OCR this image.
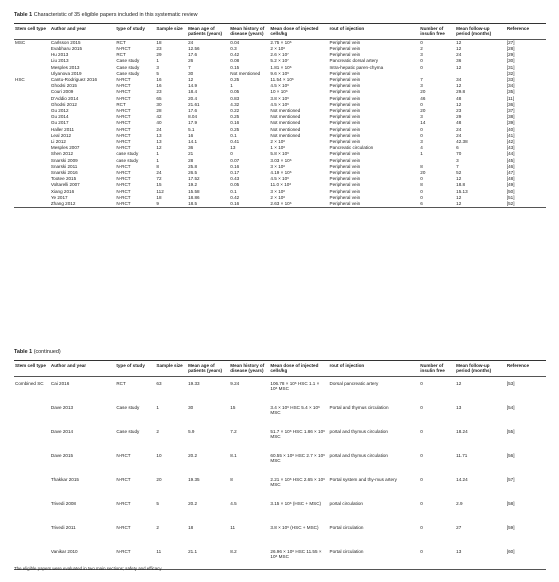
Table 1 Characteristic of 35 eligible papers included in this systematic review
Stem cell type	Author and year	type of study	Sample size	Mean age of patients (years)	Mean history of disease (years)	Mean dose of injected cells/kg	rout of injection	Number of insulin free	Mean follow-up period (months)	Reference
MSC	Carlsson 2015	RCT	18	24	0.04	2.75 × 10⁶	Peripheral vein	0	12	[27]
	Evabharu 2015	N-RCT	23	12.56	0.3	2 × 10⁶	Peripheral vein	2	12	[28]
	Hu 2013	RCT	29	17.6	0.42	2.6 × 10⁷	Peripheral vein	3	24	[29]
	Liu 2013	Case study	1	26	0.08	5.2 × 10⁷	Pancreatic dorsal artery	0	36	[30]
	Mesples 2013	Case study	3	7	0.15	1.81 × 10⁶	Intra-hepatic paren-chyma	0	12	[31]
	Ulyanova 2019	Case study	5	30	Not mentioned	9.6 × 10⁶	Peripheral vein			[32]
HSC	Cantu-Rodriguez 2016	N-RCT	16	12	0.25	11.54 × 10⁶	Peripheral vein	7	34	[33]
	Ghodsi 2015	N-RCT	16	14.9	1	4.5 × 10⁶	Peripheral vein	3	12	[34]
	Couri 2009	N-RCT	23	18.4	0.05	10 × 10⁶	Peripheral vein	20	29.8	[35]
	D'Addio 2014	N-RCT	65	20.4	0.83	3.8 × 10⁶	Peripheral vein	46	48	[11]
	Ghodsi 2012	RCT	30	21.61	4.32	4.5 × 10⁶	Peripheral vein	0	12	[36]
	Gu 2012	N-RCT	28	17.6	0.22	Not mentioned	Peripheral vein	20	23	[37]
	Gu 2014	N-RCT	42	8.04	0.25	Not mentioned	Peripheral vein	3	29	[38]
	Gu 2017	N-RCT	40	17.9	0.16	Not mentioned	Peripheral vein	14	48	[39]
	Haller 2011	N-RCT	24	5.1	0.25	Not mentioned	Peripheral vein	0	24	[40]
	Leal 2012	N-RCT	13	16	0.1	Not mentioned	Peripheral vein	0	24	[41]
	Li 2012	N-RCT	13	14.1	0.41	2 × 10⁶	Peripheral vein	3	42.38	[42]
	Mesples 2007	N-RCT	12	36	13	1 × 10⁶	Pancreatic circulation	4	6	[43]
	Shen 2012	case study	1	21	0	5.8 × 10⁶	Peripheral vein	1	70	[44]
	Snarski 2009	case study	1	28	0.07	3.03 × 10⁶	Peripheral vein		3	[45]
	Snarski 2011	N-RCT	8	25.8	0.16	3 × 10⁶	Peripheral vein	8	7	[46]
	Snarski 2016	N-RCT	24	26.5	0.17	4.19 × 10⁶	Peripheral vein	20	52	[47]
	Tootee 2015	N-RCT	72	17.52	0.43	4.5 × 10⁶	Peripheral vein	0	12	[48]
	Voltarelli 2007	N-RCT	15	19.2	0.05	11.0 × 10⁶	Peripheral vein	8	18.8	[49]
	Xiang 2016	N-RCT	112	15.58	0.1	3 × 10⁶	Peripheral vein	0	15.13	[50]
	Ye 2017	N-RCT	18	18.86	0.42	2 × 10⁶	Peripheral vein	0	12	[51]
	Zhang 2012	N-RCT	9	18.5	0.16	2.63 × 10⁶	Peripheral vein	6	12	[52]
Table 1 (continued)
Stem cell type	Author and year	type of study	Sample size	Mean age of patients (years)	Mean history of disease (years)	Mean dose of injected cells/kg	rout of injection	Number of insulin free	Mean follow-up period (months)	Reference
Combined SC	Cai 2016	RCT	63	19.33	9.24	106.78 × 10⁶ HSC 1.1 × 10⁶ MSC	Dorsal pancreatic artery	0	12	[53]
	Dave 2013	Case study	1	30	15	3.4 × 10⁶ HSC 5.4 × 10⁶ MSC	Portal and thymus circulation	0	13	[54]
	Dave 2014	Case study	2	5.9	7.2	51.7 × 10⁶ HSC 1.86 × 10⁶ MSC	portal and thymus circulation	0	18.24	[55]
	Dave 2015	N-RCT	10	20.2	8.1	60.55 × 10⁶ HSC 2.7 × 10⁶ MSC	portal and thymus circulation	0	11.71	[56]
	Thakkar 2015	N-RCT	20	19.35	8	2.21 × 10⁶ HSC 2.65 × 10⁶ MSC	Portal system and thy-mus artery	0	14.24	[57]
	Trivedi 2008	N-RCT	5	20.2	4.5	3.15 × 10⁶ (HSC + MSC)	portal circulation	0	2.9	[58]
	Trivedi 2011	N-RCT	2	18	11	3.8 × 10⁶ (HSC + MSC)	Portal circulation	0	27	[59]
	Vanikar 2010	N-RCT	11	21.1	8.2	26.96 × 10⁶ HSC 11.55 × 10⁶ MSC	Portal circulation	0	13	[60]
The eligible papers were evaluated in two main sections; safety and efficacy
